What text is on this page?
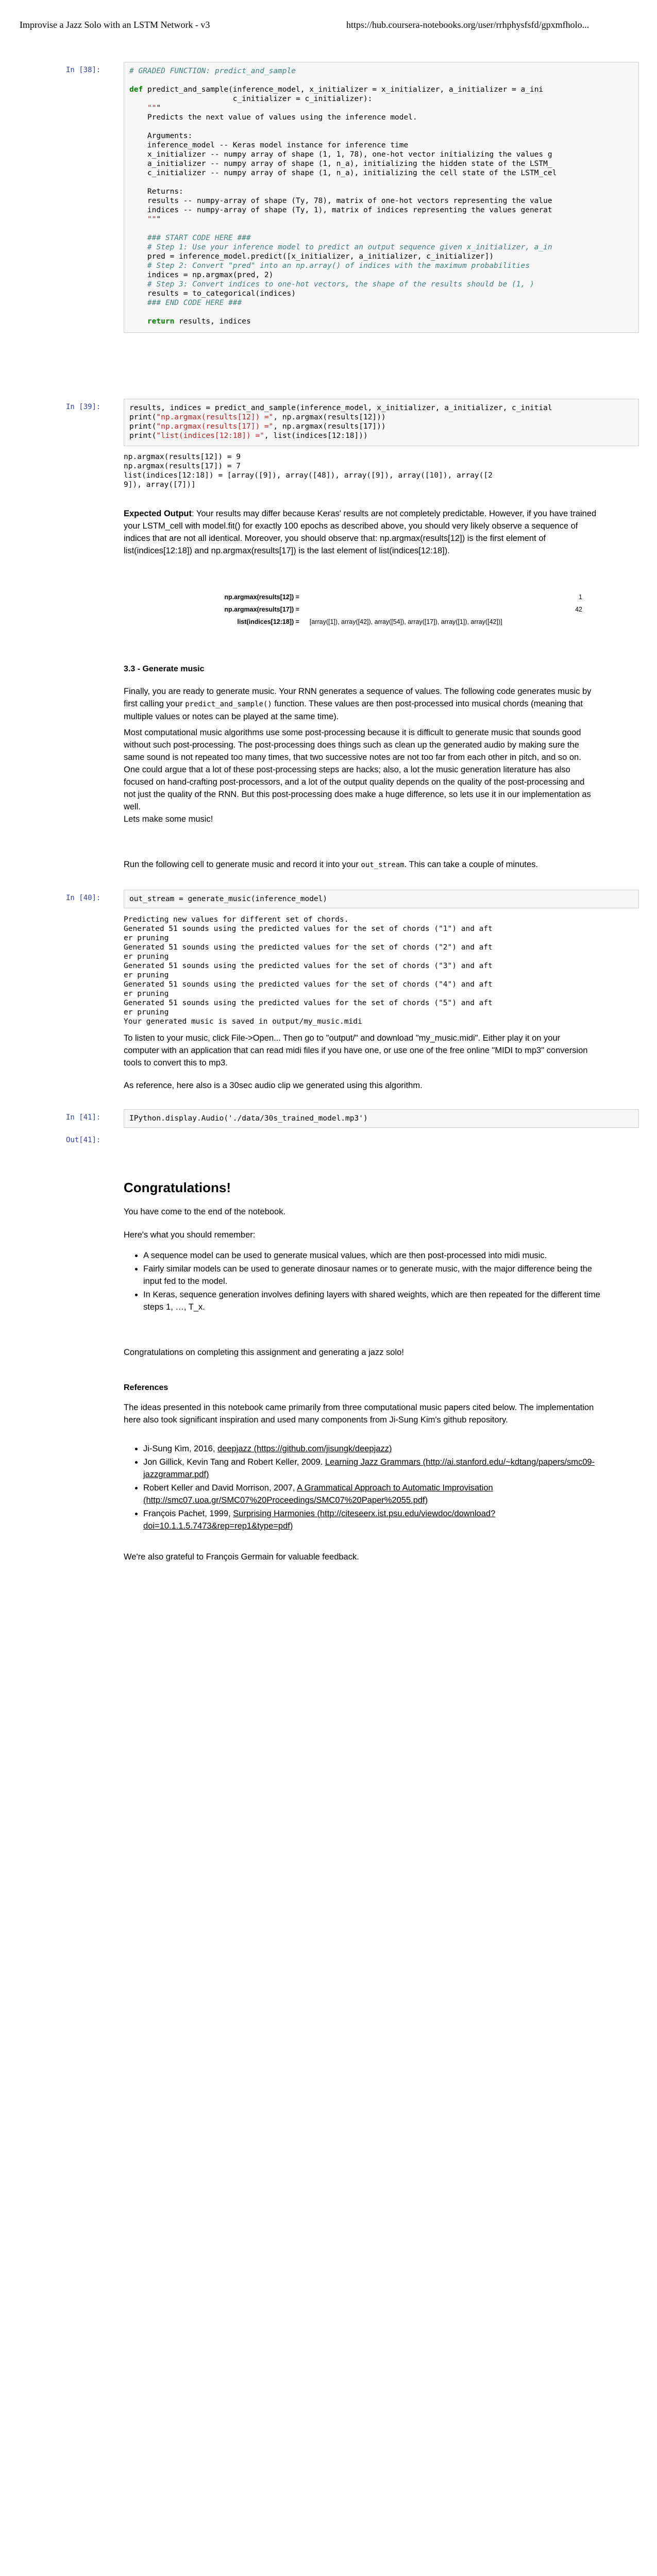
Improvise a Jazz Solo with an LSTM Network - v3	https://hub.coursera-notebooks.org/user/rrhphysfsfd/gpxmfholo...
In [38]:	# GRADED FUNCTION: predict_and_sample

def predict_and_sample(inference_model, x_initializer = x_initializer, a_initializer = a_ini
c_initializer = c_initializer):
"""
Predicts the next value of values using the inference model.

Arguments:
inference_model -- Keras model instance for inference time
x_initializer -- numpy array of shape (1, 1, 78), one-hot vector initializing the values g
a_initializer -- numpy array of shape (1, n_a), initializing the hidden state of the LSTM_
c_initializer -- numpy array of shape (1, n_a), initializing the cell state of the LSTM_cel

Returns:
results -- numpy-array of shape (Ty, 78), matrix of one-hot vectors representing the value
indices -- numpy-array of shape (Ty, 1), matrix of indices representing the values generat
"""

### START CODE HERE ###
# Step 1: Use your inference model to predict an output sequence given x_initializer, a_in
pred = inference_model.predict([x_initializer, a_initializer, c_initializer])
# Step 2: Convert "pred" into an np.array() of indices with the maximum probabilities
indices = np.argmax(pred, 2)
# Step 3: Convert indices to one-hot vectors, the shape of the results should be (1, )
results = to_categorical(indices)
### END CODE HERE ###

return results, indices
In [39]:	results, indices = predict_and_sample(inference_model, x_initializer, a_initializer, c_initial
print("np.argmax(results[12]) =", np.argmax(results[12]))
print("np.argmax(results[17]) =", np.argmax(results[17]))
print("list(indices[12:18]) =", list(indices[12:18]))
np.argmax(results[12]) = 9
np.argmax(results[17]) = 7
list(indices[12:18]) = [array([9]), array([48]), array([9]), array([10]), array([2
9]), array([7])]

Expected Output: Your results may differ because Keras' results are not completely predictable. However, if you have trained your LSTM_cell with model.fit() for exactly 100 epochs as described above, you should very likely observe a sequence of indices that are not all identical. Moreover, you should observe that: np.argmax(results[12]) is the first element of list(indices[12:18]) and np.argmax(results[17]) is the last element of list(indices[12:18]).

np.argmax(results[12]) =	1
np.argmax(results[17]) =	42
list(indices[12:18]) =	[array([1]), array([42]), array([54]), array([17]), array([1]), array([42])]
3.3 - Generate music

Finally, you are ready to generate music. Your RNN generates a sequence of values. The following code generates music by first calling your predict_and_sample() function. These values are then post-processed into musical chords (meaning that multiple values or notes can be played at the same time).

Most computational music algorithms use some post-processing because it is difficult to generate music that sounds good without such post-processing. The post-processing does things such as clean up the generated audio by making sure the same sound is not repeated too many times, that two successive notes are not too far from each other in pitch, and so on. One could argue that a lot of these post-processing steps are hacks; also, a lot the music generation literature has also focused on hand-crafting post-processors, and a lot of the output quality depends on the quality of the post-processing and not just the quality of the RNN. But this post-processing does make a huge difference, so lets use it in our implementation as well.
Lets make some music!

Run the following cell to generate music and record it into your out_stream. This can take a couple of minutes.

In [40]:	out_stream = generate_music(inference_model)
Predicting new values for different set of chords.
Generated 51 sounds using the predicted values for the set of chords ("1") and aft
er pruning
Generated 51 sounds using the predicted values for the set of chords ("2") and aft
er pruning
Generated 51 sounds using the predicted values for the set of chords ("3") and aft
er pruning
Generated 51 sounds using the predicted values for the set of chords ("4") and aft
er pruning
Generated 51 sounds using the predicted values for the set of chords ("5") and aft
er pruning
Your generated music is saved in output/my_music.midi
To listen to your music, click File->Open... Then go to "output/" and download "my_music.midi". Either play it on your computer with an application that can read midi files if you have one, or use one of the free online "MIDI to mp3" conversion tools to convert this to mp3.
As reference, here also is a 30sec audio clip we generated using this algorithm.
In [41]:	IPython.display.Audio('./data/30s_trained_model.mp3')
Out[41]:
Congratulations!
You have come to the end of the notebook.
Here's what you should remember:
• A sequence model can be used to generate musical values, which are then post-processed into midi music.
• Fairly similar models can be used to generate dinosaur names or to generate music, with the major difference being the input fed to the model.
• In Keras, sequence generation involves defining layers with shared weights, which are then repeated for the different time steps 1, …, T_x.
Congratulations on completing this assignment and generating a jazz solo!
References
The ideas presented in this notebook came primarily from three computational music papers cited below. The implementation here also took significant inspiration and used many components from Ji-Sung Kim's github repository.
• Ji-Sung Kim, 2016, deepjazz (https://github.com/jisungk/deepjazz)
• Jon Gillick, Kevin Tang and Robert Keller, 2009. Learning Jazz Grammars (http://ai.stanford.edu/~kdtang/papers/smc09-jazzgrammar.pdf)
• Robert Keller and David Morrison, 2007, A Grammatical Approach to Automatic Improvisation (http://smc07.uoa.gr/SMC07%20Proceedings/SMC07%20Paper%2055.pdf)
• François Pachet, 1999, Surprising Harmonies (http://citeseerx.ist.psu.edu/viewdoc/download?doi=10.1.1.5.7473&rep=rep1&type=pdf)
We're also grateful to François Germain for valuable feedback.
